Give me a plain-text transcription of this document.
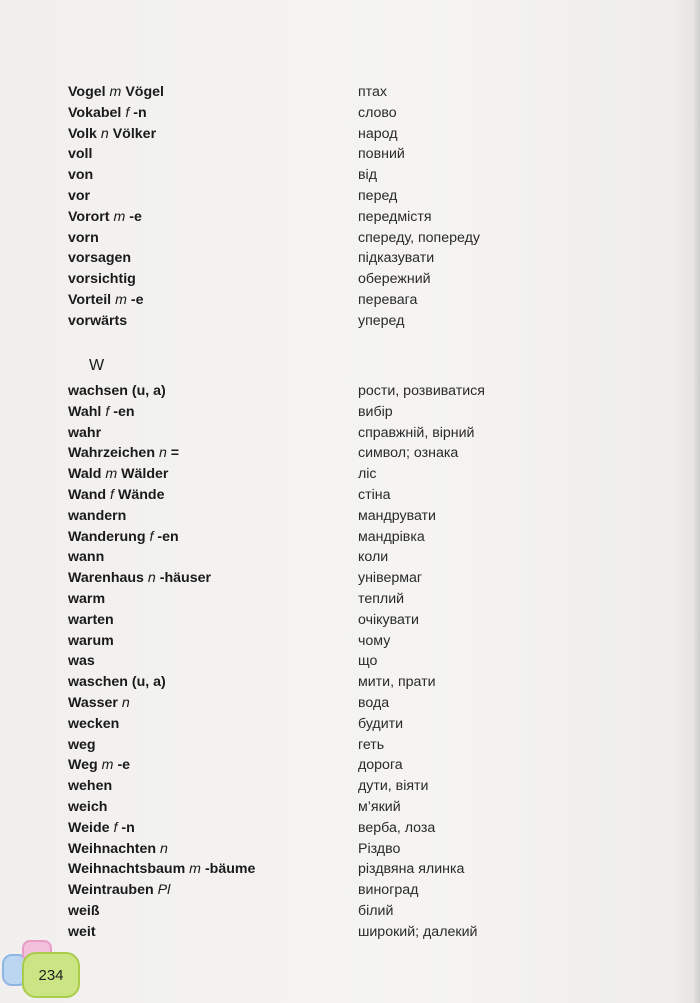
Vogel m Vögel	птах
Vokabel f -n	слово
Volk n Völker	народ
voll	повний
von	від
vor	перед
Vorort m -e	передмістя
vorn	спереду, попереду
vorsagen	підказувати
vorsichtig	обережний
Vorteil m -e	перевага
vorwärts	уперед
W
wachsen (u, a)	рости, розвиватися
Wahl f -en	вибір
wahr	справжній, вірний
Wahrzeichen n =	символ; ознака
Wald m Wälder	ліс
Wand f Wände	стіна
wandern	мандрувати
Wanderung f -en	мандрівка
wann	коли
Warenhaus n -häuser	універмаг
warm	теплий
warten	очікувати
warum	чому
was	що
waschen (u, a)	мити, прати
Wasser n	вода
wecken	будити
weg	геть
Weg m -e	дорога
wehen	дути, віяти
weich	м’який
Weide f -n	верба, лоза
Weihnachten n	Різдво
Weihnachtsbaum m -bäume	різдвяна ялинка
Weintrauben Pl	виноград
weiß	білий
weit	широкий; далекий
234
